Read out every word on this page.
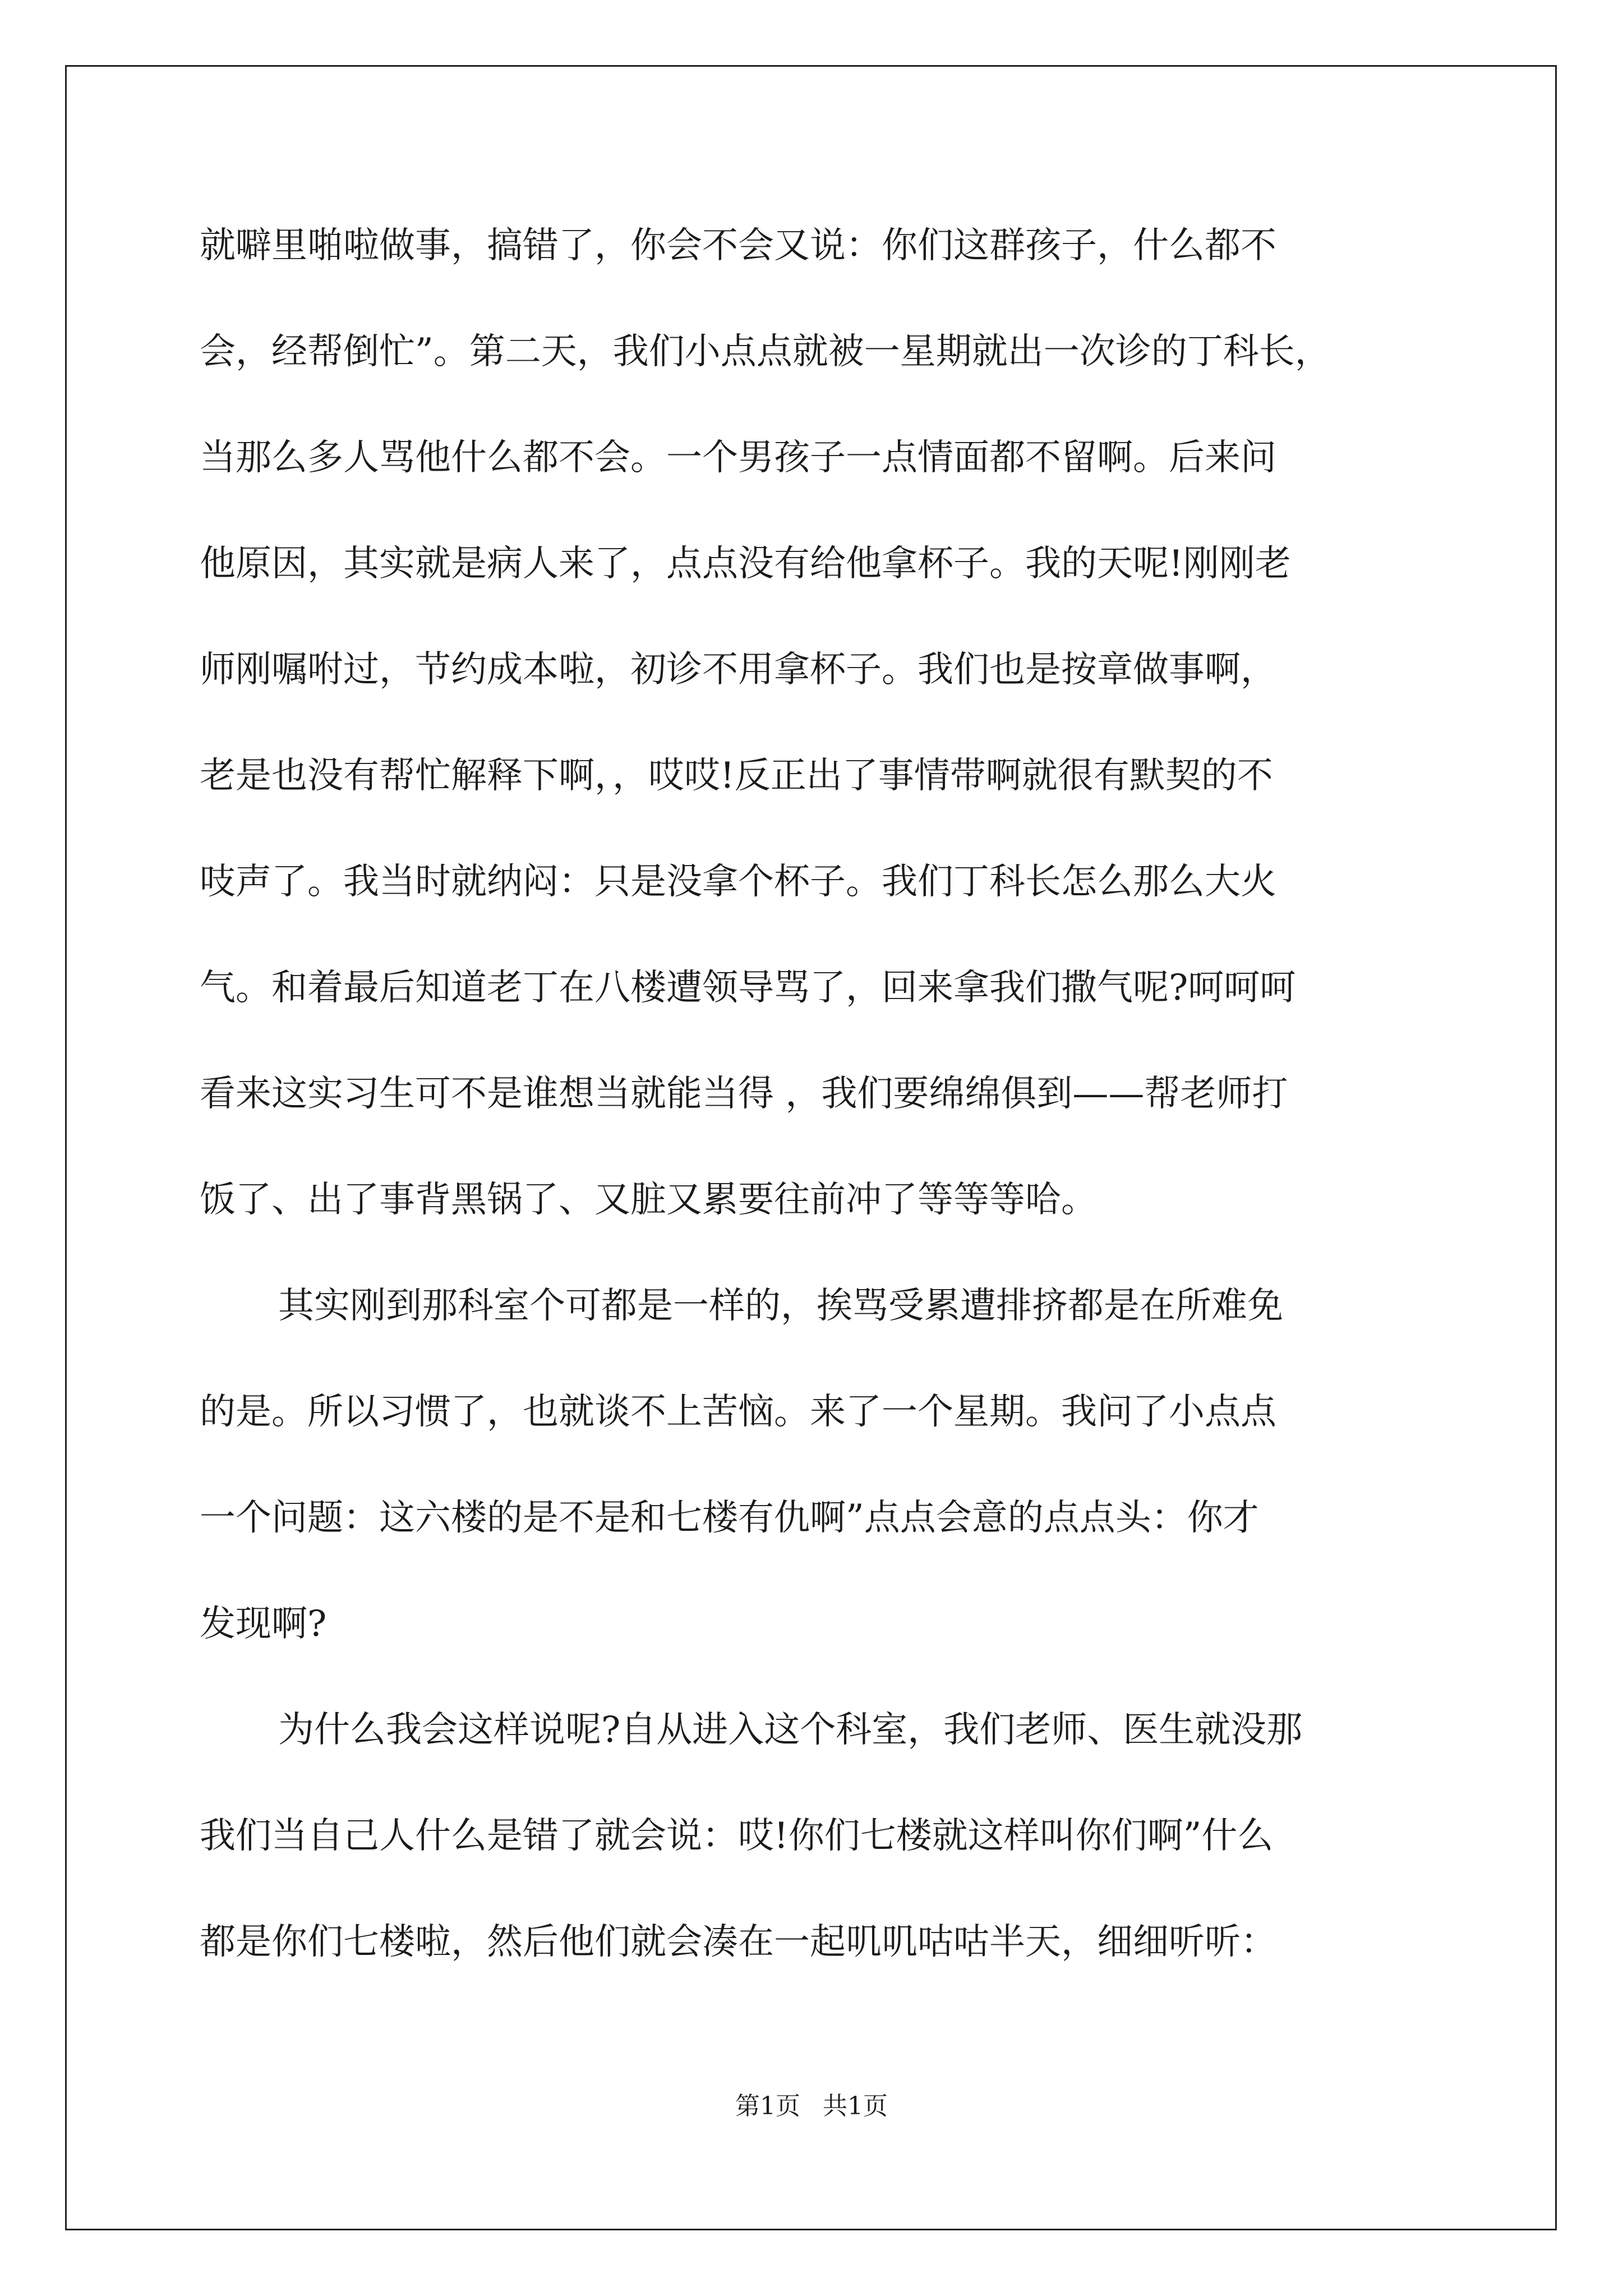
就噼里啪啦做事，搞错了，你会不会又说：你们这群孩子，什么都不
会，经帮倒忙”。第二天，我们小点点就被一星期就出一次诊的丁科长，
当那么多人骂他什么都不会。一个男孩子一点情面都不留啊。后来问
他原因，其实就是病人来了，点点没有给他拿杯子。我的天呢!刚刚老
师刚嘱咐过，节约成本啦，初诊不用拿杯子。我们也是按章做事啊，
老是也没有帮忙解释下啊，，哎哎!反正出了事情带啊就很有默契的不
吱声了。我当时就纳闷：只是没拿个杯子。我们丁科长怎么那么大火
气。和着最后知道老丁在八楼遭领导骂了，回来拿我们撒气呢?呵呵呵
看来这实习生可不是谁想当就能当得 ，我们要绵绵俱到——帮老师打
饭了、出了事背黑锅了、又脏又累要往前冲了等等等哈。
其实刚到那科室个可都是一样的，挨骂受累遭排挤都是在所难免
的是。所以习惯了，也就谈不上苦恼。来了一个星期。我问了小点点
一个问题：这六楼的是不是和七楼有仇啊”点点会意的点点头：你才
发现啊?
为什么我会这样说呢?自从进入这个科室，我们老师、医生就没那
我们当自己人什么是错了就会说：哎!你们七楼就这样叫你们啊”什么
都是你们七楼啦，然后他们就会凑在一起叽叽咕咕半天，细细听听：
第1页 共1页
